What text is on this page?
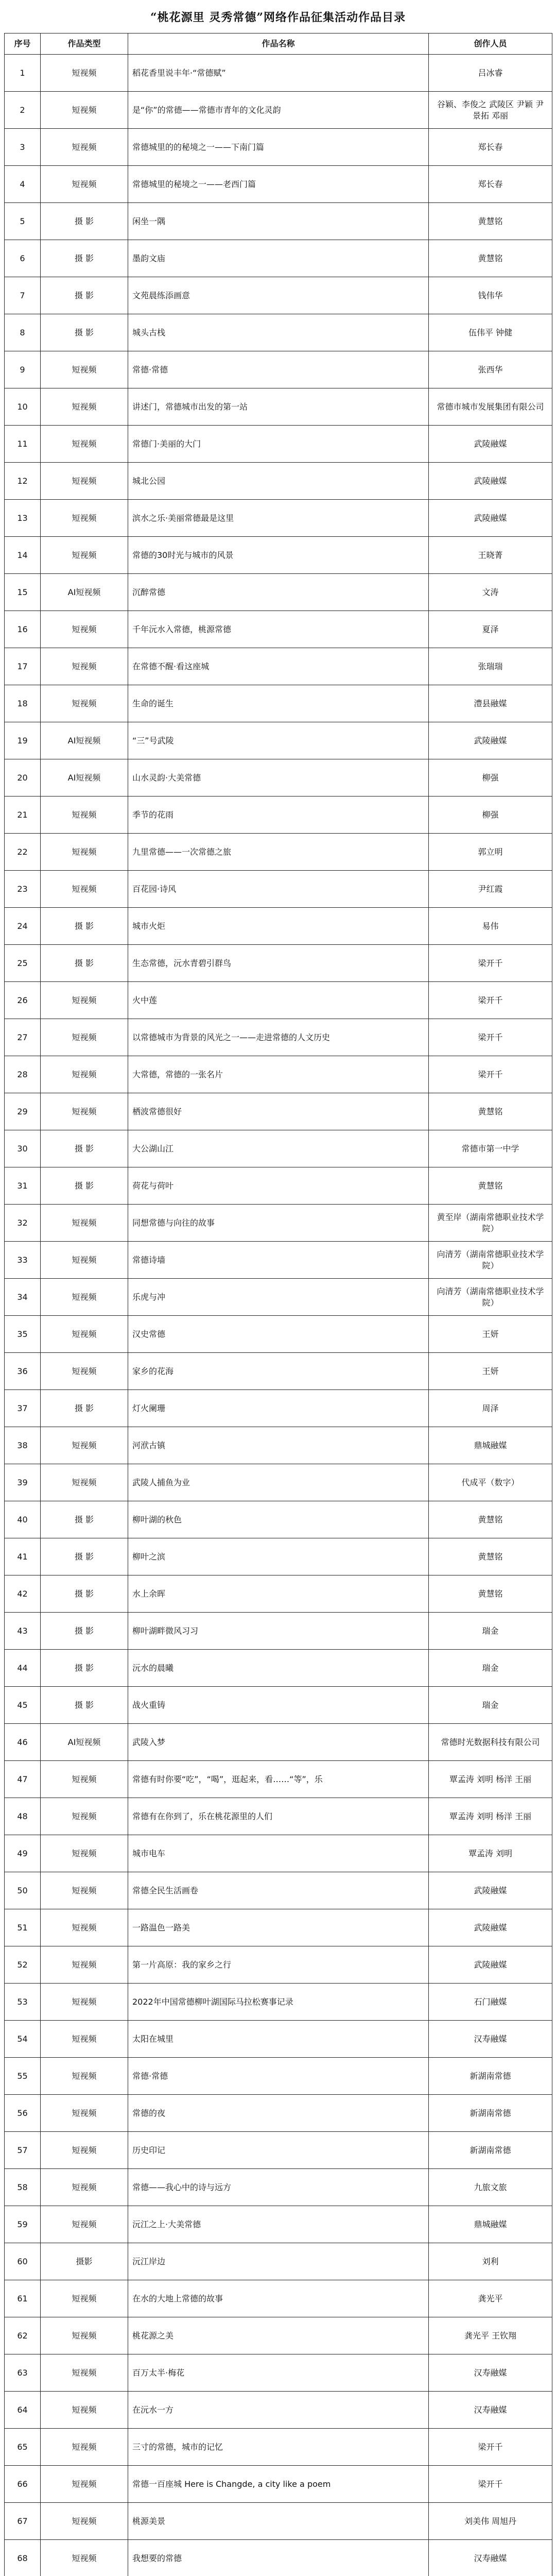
“桃花源里 灵秀常德”网络作品征集活动作品目录
序号	作品类型	作品名称	创作人员
1	短视频	稻花香里说丰年·“常德赋”	吕冰睿
2	短视频	是“你”的常德——常德市青年的文化灵韵	谷颖、李俊之 武陵区 尹颖 尹景拓 邓丽
3	短视频	常德城里的的秘境之一——下南门篇	郑长春
4	短视频	常德城里的秘境之一——老西门篇	郑长春
5	摄 影	闲坐一隅	黄慧铭
6	摄 影	墨韵文庙	黄慧铭
7	摄 影	文苑晨练添画意	钱伟华
8	摄 影	城头古栈	伍伟平 钟健
9	短视频	常德·常德	张西华
10	短视频	讲述门，常德城市出发的第一站	常德市城市发展集团有限公司
11	短视频	常德门·美丽的大门	武陵融媒
12	短视频	城北公园	武陵融媒
13	短视频	滨水之乐·美丽常德最是这里	武陵融媒
14	短视频	常德的30时光与城市的风景	王晓菁
15	AI短视频	沉醉常德	文涛
16	短视频	千年沅水入常德，桃源常德	夏泽
17	短视频	在常德不醒·看这座城	张瑞瑞
18	短视频	生命的诞生	澧县融媒
19	AI短视频	“三”号武陵	武陵融媒
20	AI短视频	山水灵韵·大美常德	柳强
21	短视频	季节的花雨	柳强
22	短视频	九里常德——一次常德之旅	郭立明
23	短视频	百花园·诗风	尹红霞
24	摄 影	城市火炬	易伟
25	摄 影	生态常德，沅水青碧引群鸟	梁开千
26	短视频	火中莲	梁开千
27	短视频	以常德城市为背景的风光之一——走进常德的人文历史	梁开千
28	短视频	大常德，常德的一张名片	梁开千
29	短视频	栖波常德很好	黄慧铭
30	摄 影	大公湖山江	常德市第一中学
31	摄 影	荷花与荷叶	黄慧铭
32	短视频	同想常德与向往的故事	黄至岸（湖南常德职业技术学院）
33	短视频	常德诗墙	向清芳（湖南常德职业技术学院）
34	短视频	乐虎与冲	向清芳（湖南常德职业技术学院）
35	短视频	汉史常德	王妍
36	短视频	家乡的花海	王妍
37	摄 影	灯火阑珊	周泽
38	短视频	河洑古镇	鼎城融媒
39	短视频	武陵人捕鱼为业	代成平（数字）
40	摄 影	柳叶湖的秋色	黄慧铭
41	摄 影	柳叶之滨	黄慧铭
42	摄 影	水上余晖	黄慧铭
43	摄 影	柳叶湖畔微风习习	瑞金
44	摄 影	沅水的晨曦	瑞金
45	摄 影	战火重铸	瑞金
46	AI短视频	武陵入梦	常德时光数据科技有限公司
47	短视频	常德有时你要“吃”，“喝”，逛起来，看……“等”，乐	覃孟涛 刘明 杨洋 王丽
48	短视频	常德有在你到了，乐在桃花源里的人们	覃孟涛 刘明 杨洋 王丽
49	短视频	城市电车	覃孟涛 刘明
50	短视频	常德全民生活画卷	武陵融媒
51	短视频	一路温色一路美	武陵融媒
52	短视频	第一片高原：我的家乡之行	武陵融媒
53	短视频	2022年中国常德柳叶湖国际马拉松赛事记录	石门融媒
54	短视频	太阳在城里	汉寿融媒
55	短视频	常德·常德	新湖南常德
56	短视频	常德的夜	新湖南常德
57	短视频	历史印记	新湖南常德
58	短视频	常德——我心中的诗与远方	九旅文旅
59	短视频	沅江之上·大美常德	鼎城融媒
60	摄影	沅江岸边	刘利
61	短视频	在水的大地上常德的故事	龚光平
62	短视频	桃花源之美	龚光平 王钦翔
63	短视频	百万太半·梅花	汉寿融媒
64	短视频	在沅水一方	汉寿融媒
65	短视频	三寸的常德，城市的记忆	梁开千
66	短视频	常德一百座城 Here is Changde, a city like a poem	梁开千
67	短视频	桃源美景	刘美伟 周旭丹
68	短视频	我想要的常德	汉寿融媒
